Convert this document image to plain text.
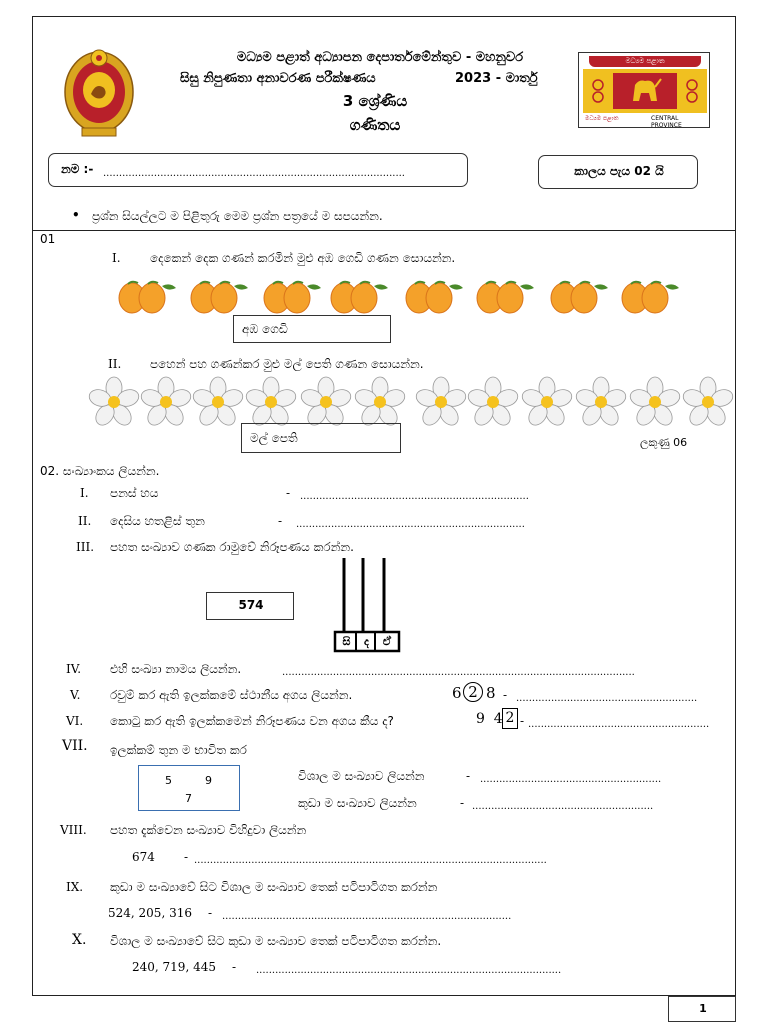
මධ්‍යම පළාත් අධ්‍යාපන දෙපාර්තමේන්තුව - මහනුවර
සිසු නිපුණතා අනාවරණ පරීක්ෂණය	2023 - මාර්තු
3 ශ්‍රේණිය
ගණිතය
මධ්‍යම පළාත
මධ්‍යම පළාත	CENTRAL PROVINCE
නම :- ...............................................................................................	කාලය පැය 02 යි
• ප්‍රශ්න සියල්ලට ම පිළිතුරු මෙම ප්‍රශ්න පත්‍රයේ ම සපයන්න.
01
I. දෙකෙන් දෙක ගණන් කරමින් මුළු අඹ ගෙඩි ගණන සොයන්න.
අඹ ගෙඩි
II. පහෙන් පහ ගණන්කර මුළු මල් පෙති ගණන සොයන්න.
මල් පෙති	ලකුණු 06
02. සංඛ්‍යාංකය ලියන්න.
I. පනස් හය	- ........................................................................
II. දෙසිය හතළිස් තුන	- ........................................................................
III. පහත සංඛ්‍යාව ගණක රාමුවේ නිරූපණය කරන්න.
574
සි	ද	ඒ
IV. එහි සංඛ්‍යා නාමය ලියන්න.	...............................................................................................................
V. රවුම් කර ඇති ඉලක්කමේ ස්ථානීය අගය ලියන්න.	6 2 8 - .........................................................
VI. කොටු කර ඇති ඉලක්කමෙන් නිරූපණය වන අගය කීය ද?	9  4 2 - .........................................................
VII. ඉලක්කම් තුන ම භාවිත කර
5	9
7
විශාල ම සංඛ්‍යාව ලියන්න	- .........................................................
කුඩා ම සංඛ්‍යාව ලියන්න	- .........................................................
VIII. පහත දැක්වෙන සංඛ්‍යාව විහිදුවා ලියන්න
674 - ...............................................................................................................
IX. කුඩා ම සංඛ්‍යාවේ සිට විශාල ම සංඛ්‍යාව තෙක් පටිපාටිගත කරන්න
524, 205, 316 - ...........................................................................................
X. විශාල ම සංඛ්‍යාවේ සිට කුඩා ම සංඛ්‍යාව තෙක් පටිපාටිගත කරන්න.
240, 719, 445 - ................................................................................................
1
